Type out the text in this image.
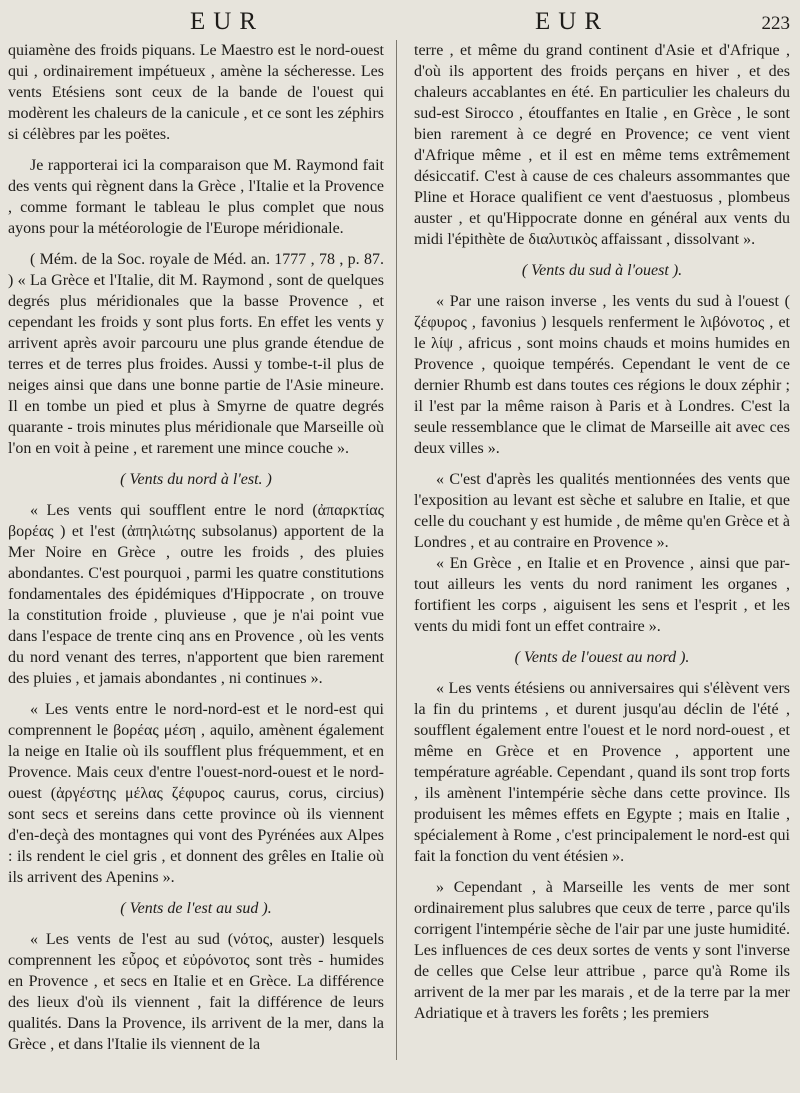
EUR	EUR	223

quiamène des froids piquans. Le Maestro est le nord-ouest qui , ordinairement impétueux , amène la sécheresse. Les vents Etésiens sont ceux de la bande de l'ouest qui modèrent les chaleurs de la canicule , et ce sont les zéphirs si célèbres par les poëtes.

Je rapporterai ici la comparaison que M. Raymond fait des vents qui règnent dans la Grèce , l'Italie et la Provence , comme formant le tableau le plus complet que nous ayons pour la météorologie de l'Europe méridionale.

( Mém. de la Soc. royale de Méd. an. 1777 , 78 , p. 87. ) « La Grèce et l'Italie, dit M. Raymond , sont de quelques degrés plus méridionales que la basse Provence , et cependant les froids y sont plus forts. En effet les vents y arrivent après avoir parcouru une plus grande étendue de terres et de terres plus froides. Aussi y tombe-t-il plus de neiges ainsi que dans une bonne partie de l'Asie mineure. Il en tombe un pied et plus à Smyrne de quatre degrés quarante - trois minutes plus méridionale que Marseille où l'on en voit à peine , et rarement une mince couche ».

( Vents du nord à l'est. )

« Les vents qui soufflent entre le nord (ἀπαρκτίας βορέας ) et l'est (ἀπηλιώτης subsolanus) apportent de la Mer Noire en Grèce , outre les froids , des pluies abondantes. C'est pourquoi , parmi les quatre constitutions fondamentales des épidémiques d'Hippocrate , on trouve la constitution froide , pluvieuse , que je n'ai point vue dans l'espace de trente cinq ans en Provence , où les vents du nord venant des terres, n'apportent que bien rarement des pluies , et jamais abondantes , ni continues ».

« Les vents entre le nord-nord-est et le nord-est qui comprennent le βορέας μέση , aquilo, amènent également la neige en Italie où ils soufflent plus fréquemment, et en Provence. Mais ceux d'entre l'ouest-nord-ouest et le nord-ouest (ἀργέστης μέλας ζέφυρος caurus, corus, circius) sont secs et sereins dans cette province où ils viennent d'en-deçà des montagnes qui vont des Pyrénées aux Alpes : ils rendent le ciel gris , et donnent des grêles en Italie où ils arrivent des Apenins ».

( Vents de l'est au sud ).

« Les vents de l'est au sud (νότος, auster) lesquels comprennent les εὖρος et εὐρόνοτος sont très - humides en Provence , et secs en Italie et en Grèce. La différence des lieux d'où ils viennent , fait la différence de leurs qualités. Dans la Provence, ils arrivent de la mer, dans la Grèce , et dans l'Italie ils viennent de la

terre , et même du grand continent d'Asie et d'Afrique , d'où ils apportent des froids perçans en hiver , et des chaleurs accablantes en été. En particulier les chaleurs du sud-est Sirocco , étouffantes en Italie , en Grèce , le sont bien rarement à ce degré en Provence; ce vent vient d'Afrique même , et il est en même tems extrêmement désiccatif. C'est à cause de ces chaleurs assommantes que Pline et Horace qualifient ce vent d'aestuosus , plombeus auster , et qu'Hippocrate donne en général aux vents du midi l'épithète de διαλυτικὸς affaissant , dissolvant ».

( Vents du sud à l'ouest ).

« Par une raison inverse , les vents du sud à l'ouest ( ζέφυρος , favonius ) lesquels renferment le λιβόνοτος , et le λίψ , africus , sont moins chauds et moins humides en Provence , quoique tempérés. Cependant le vent de ce dernier Rhumb est dans toutes ces régions le doux zéphir ; il l'est par la même raison à Paris et à Londres. C'est la seule ressemblance que le climat de Marseille ait avec ces deux villes ».

« C'est d'après les qualités mentionnées des vents que l'exposition au levant est sèche et salubre en Italie, et que celle du couchant y est humide , de même qu'en Grèce et à Londres , et au contraire en Provence ».

« En Grèce , en Italie et en Provence , ainsi que par-tout ailleurs les vents du nord raniment les organes , fortifient les corps , aiguisent les sens et l'esprit , et les vents du midi font un effet contraire ».

( Vents de l'ouest au nord ).

« Les vents étésiens ou anniversaires qui s'élèvent vers la fin du printems , et durent jusqu'au déclin de l'été , soufflent également entre l'ouest et le nord nord-ouest , et même en Grèce et en Provence , apportent une température agréable. Cependant , quand ils sont trop forts , ils amènent l'intempérie sèche dans cette province. Ils produisent les mêmes effets en Egypte ; mais en Italie , spécialement à Rome , c'est principalement le nord-est qui fait la fonction du vent étésien ».

» Cependant , à Marseille les vents de mer sont ordinairement plus salubres que ceux de terre , parce qu'ils corrigent l'intempérie sèche de l'air par une juste humidité. Les influences de ces deux sortes de vents y sont l'inverse de celles que Celse leur attribue , parce qu'à Rome ils arrivent de la mer par les marais , et de la terre par la mer Adriatique et à travers les forêts ; les premiers
